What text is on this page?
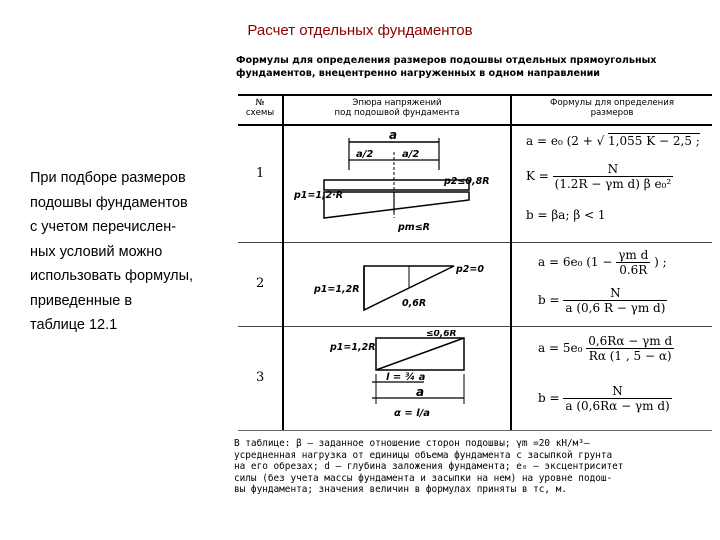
Расчет отдельных фундаментов
При подборе размеров
подошвы фундаментов
с учетом перечислен-
ных условий можно
использовать формулы,
приведенные в
таблице 12.1
Формулы для определения размеров подошвы отдельных прямоугольных
фундаментов, внецентренно нагруженных в одном направлении
№
схемы
Эпюра напряжений
под подошвой фундамента
Формулы для определения
размеров
1
2
3
a
a/2	a/2
p1=1,2·R
p2≤0,8R
pm≤R
p1=1,2R
p2=0
0,6R
≤0,6R
p1=1,2R
l = ¾ a
a
α = l/a
a = e₀ (2 + √ 1,055 K − 2,5 ;
$K = \frac{N}{\text{(1.2R − γm d) β e₀²}}$
b = βa; β < 1
a = 6e₀ ($1 - \frac{\text{γm d}}{0.6R}$ ) ;
$b = \frac{N}{\text{a (0,6 R − γm d)}}$
$a = 5e_0 \frac{\text{0,6Rα − γm d}}{R\alpha (1 , 5 - \alpha)}$
$b = \frac{N}{\text{a (0,6Rα − γm d)}}$
В таблице: β — заданное отношение сторон подошвы; γm =20 кН/м³—
усредненная нагрузка от единицы объема фундамента с засыпкой грунта
на его обрезах; d — глубина заложения фундамента; e₀ — эксцентриситет
силы (без учета массы фундамента и засыпки на нем) на уровне подош-
вы фундамента; значения величин в формулах приняты в тс, м.
